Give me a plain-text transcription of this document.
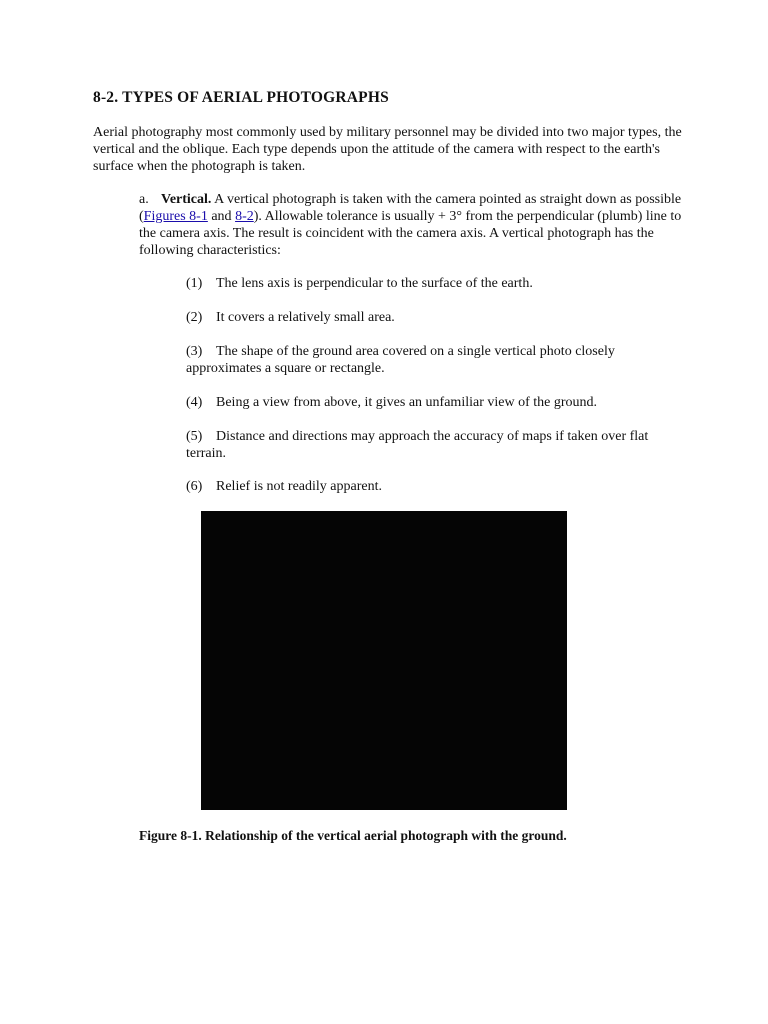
8-2. TYPES OF AERIAL PHOTOGRAPHS

Aerial photography most commonly used by military personnel may be divided into two major types, the vertical and the oblique. Each type depends upon the attitude of the camera with respect to the earth's surface when the photograph is taken.

a. Vertical. A vertical photograph is taken with the camera pointed as straight down as possible (Figures 8-1 and 8-2). Allowable tolerance is usually + 3° from the perpendicular (plumb) line to the camera axis. The result is coincident with the camera axis. A vertical photograph has the following characteristics:

(1) The lens axis is perpendicular to the surface of the earth.

(2) It covers a relatively small area.

(3) The shape of the ground area covered on a single vertical photo closely approximates a square or rectangle.

(4) Being a view from above, it gives an unfamiliar view of the ground.

(5) Distance and directions may approach the accuracy of maps if taken over flat terrain.

(6) Relief is not readily apparent.

Figure 8-1. Relationship of the vertical aerial photograph with the ground.
